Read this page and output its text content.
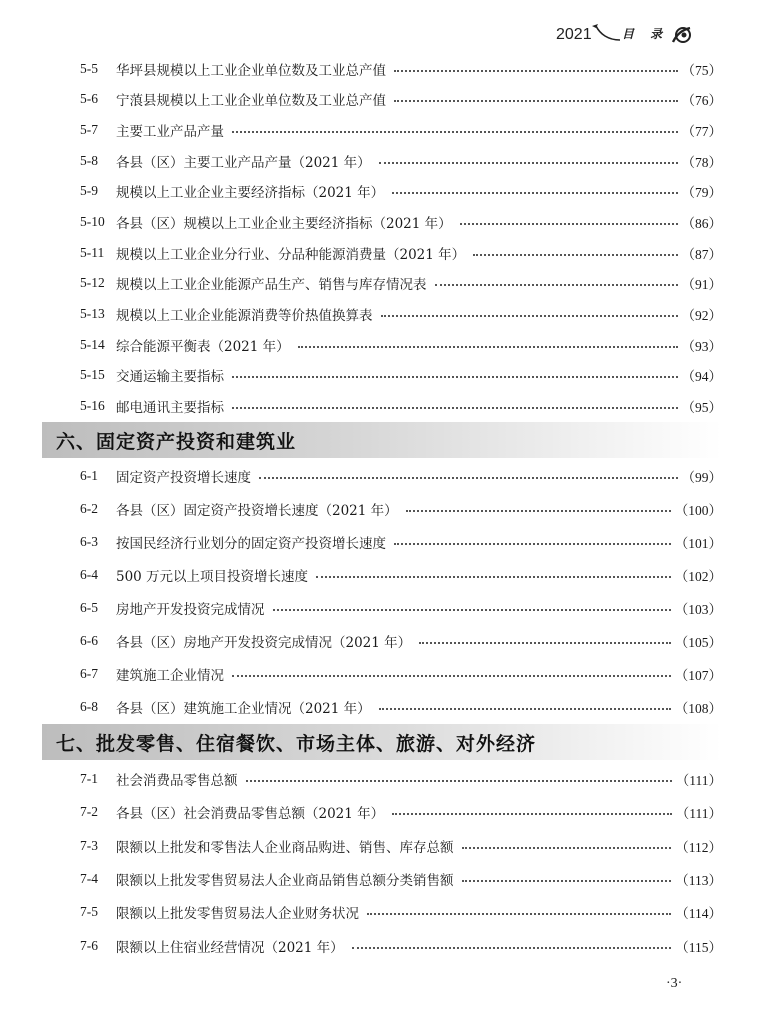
2021	目 录
5-5	华坪县规模以上工业企业单位数及工业总产值	（75）
5-6	宁蒗县规模以上工业企业单位数及工业总产值	（76）
5-7	主要工业产品产量	（77）
5-8	各县（区）主要工业产品产量（2021 年）	（78）
5-9	规模以上工业企业主要经济指标（2021 年）	（79）
5-10 各县（区）规模以上工业企业主要经济指标（2021 年）	（86）
5-11 规模以上工业企业分行业、分品种能源消费量（2021 年）	（87）
5-12 规模以上工业企业能源产品生产、销售与库存情况表	（91）
5-13 规模以上工业企业能源消费等价热值换算表	（92）
5-14 综合能源平衡表（2021 年）	（93）
5-15 交通运输主要指标	（94）
5-16 邮电通讯主要指标	（95）
六、固定资产投资和建筑业
6-1	固定资产投资增长速度	（99）
6-2	各县（区）固定资产投资增长速度（2021 年）	（100）
6-3	按国民经济行业划分的固定资产投资增长速度	（101）
6-4	500 万元以上项目投资增长速度	（102）
6-5	房地产开发投资完成情况	（103）
6-6	各县（区）房地产开发投资完成情况（2021 年）	（105）
6-7	建筑施工企业情况	（107）
6-8	各县（区）建筑施工企业情况（2021 年）	（108）
七、批发零售、住宿餐饮、市场主体、旅游、对外经济
7-1	社会消费品零售总额	（111）
7-2	各县（区）社会消费品零售总额（2021 年）	（111）
7-3	限额以上批发和零售法人企业商品购进、销售、库存总额	（112）
7-4	限额以上批发零售贸易法人企业商品销售总额分类销售额	（113）
7-5	限额以上批发零售贸易法人企业财务状况	（114）
7-6	限额以上住宿业经营情况（2021 年）	（115）
·3·
